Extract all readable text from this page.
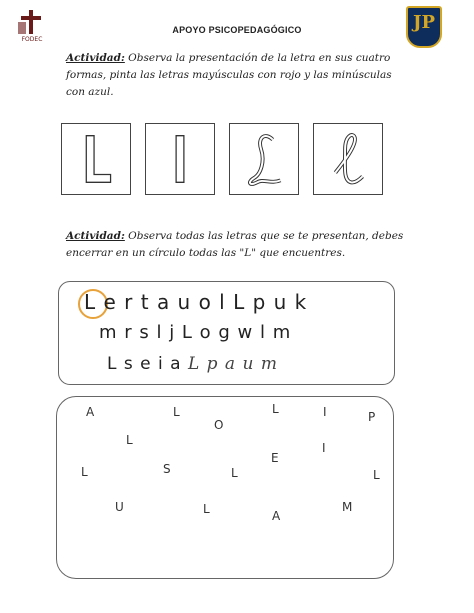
FODEC
APOYO PSICOPEDAGÓGICO	JP
Actividad: Observa la presentación de la letra en sus cuatro formas, pinta las letras mayúsculas con rojo y las minúsculas con azul.
Actividad: Observa todas las letras que se te presentan, debes encerrar en un círculo todas las "L" que encuentres.
L e r t a u o l L p u k
m r s l j L o g w l m
L s e i a L p a u m
A	L
O
L	I	P
L
I
E
L	S	L	L
U	L	A
M
